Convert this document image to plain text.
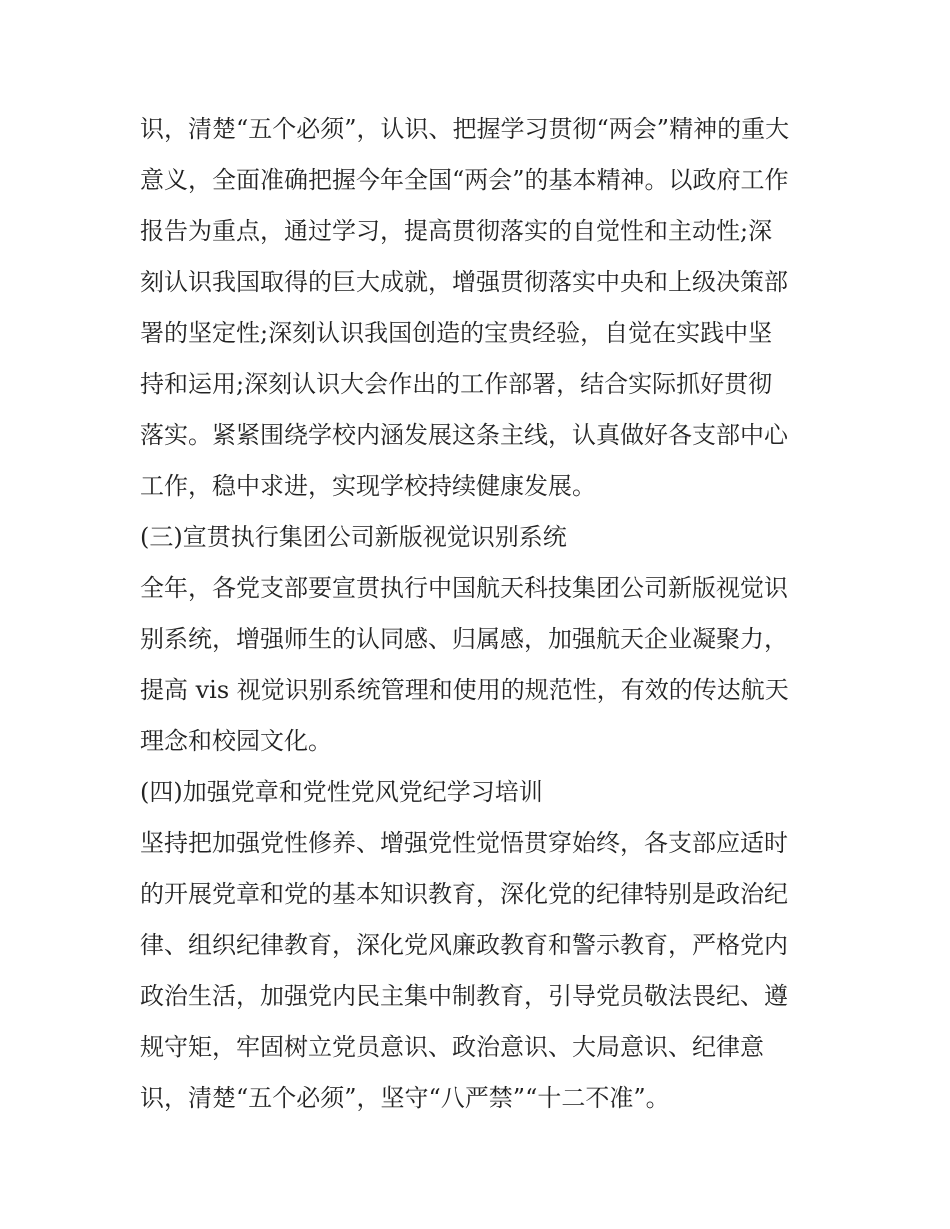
识，清楚“五个必须”，认识、把握学习贯彻“两会”精神的重大
意义，全面准确把握今年全国“两会”的基本精神。以政府工作
报告为重点，通过学习，提高贯彻落实的自觉性和主动性;深
刻认识我国取得的巨大成就，增强贯彻落实中央和上级决策部
署的坚定性;深刻认识我国创造的宝贵经验，自觉在实践中坚
持和运用;深刻认识大会作出的工作部署，结合实际抓好贯彻
落实。紧紧围绕学校内涵发展这条主线，认真做好各支部中心
工作，稳中求进，实现学校持续健康发展。
(三)宣贯执行集团公司新版视觉识别系统
全年，各党支部要宣贯执行中国航天科技集团公司新版视觉识
别系统，增强师生的认同感、归属感，加强航天企业凝聚力，
提高 vis 视觉识别系统管理和使用的规范性，有效的传达航天
理念和校园文化。
(四)加强党章和党性党风党纪学习培训
坚持把加强党性修养、增强党性觉悟贯穿始终，各支部应适时
的开展党章和党的基本知识教育，深化党的纪律特别是政治纪
律、组织纪律教育，深化党风廉政教育和警示教育，严格党内
政治生活，加强党内民主集中制教育，引导党员敬法畏纪、遵
规守矩，牢固树立党员意识、政治意识、大局意识、纪律意
识，清楚“五个必须”，坚守“八严禁”“十二不准”。
